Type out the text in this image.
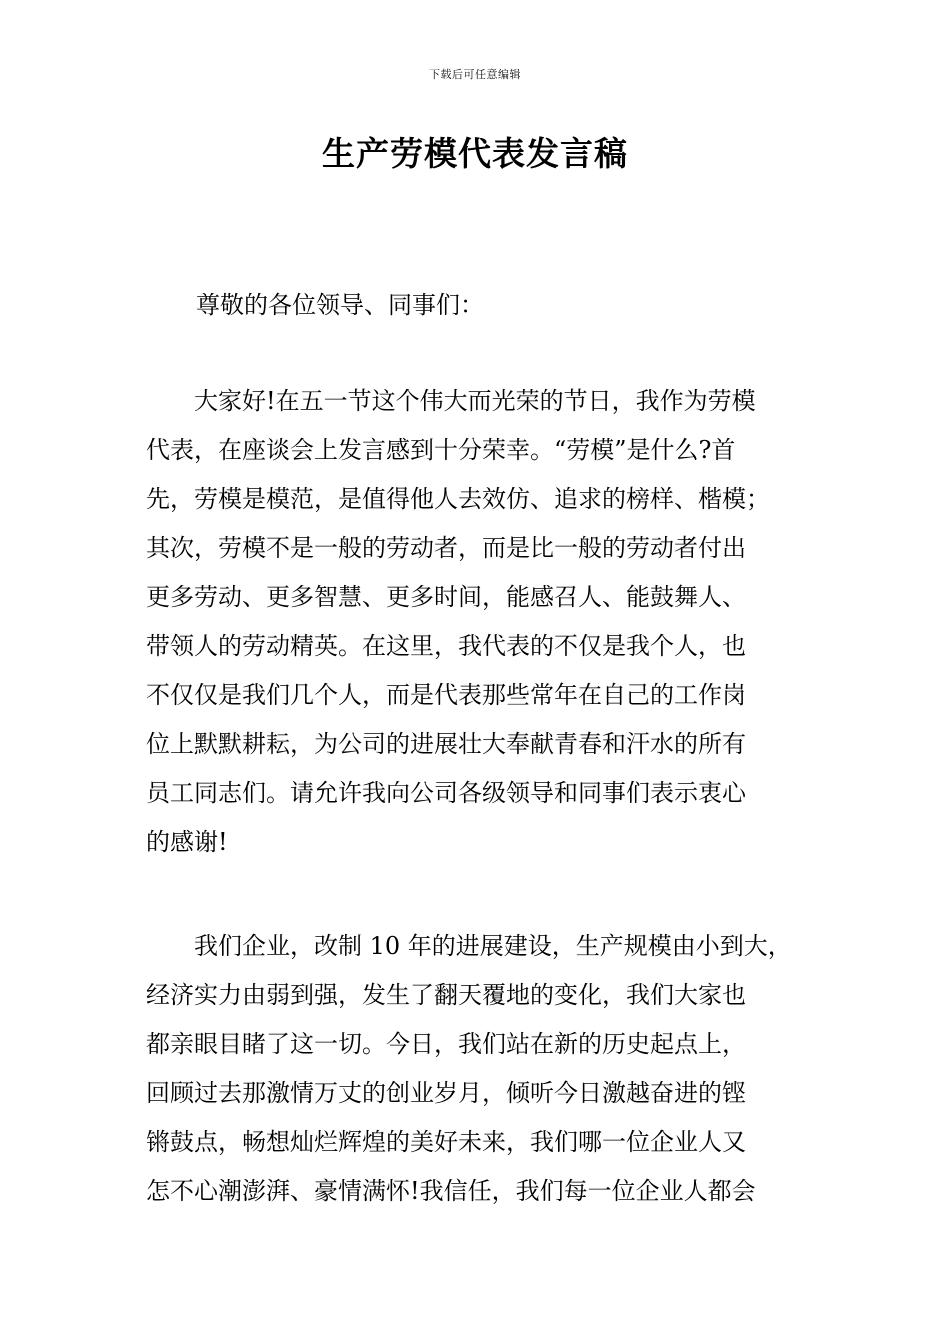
下载后可任意编辑
生产劳模代表发言稿

尊敬的各位领导、同事们：

　　大家好!在五一节这个伟大而光荣的节日，我作为劳模
代表，在座谈会上发言感到十分荣幸。“劳模”是什么?首
先，劳模是模范，是值得他人去效仿、追求的榜样、楷模；
其次，劳模不是一般的劳动者，而是比一般的劳动者付出
更多劳动、更多智慧、更多时间，能感召人、能鼓舞人、
带领人的劳动精英。在这里，我代表的不仅是我个人，也
不仅仅是我们几个人，而是代表那些常年在自己的工作岗
位上默默耕耘，为公司的进展壮大奉献青春和汗水的所有
员工同志们。请允许我向公司各级领导和同事们表示衷心
的感谢!
　　我们企业，改制 10 年的进展建设，生产规模由小到大，
经济实力由弱到强，发生了翻天覆地的变化，我们大家也
都亲眼目睹了这一切。今日，我们站在新的历史起点上，
回顾过去那激情万丈的创业岁月，倾听今日激越奋进的铿
锵鼓点，畅想灿烂辉煌的美好未来，我们哪一位企业人又
怎不心潮澎湃、豪情满怀!我信任，我们每一位企业人都会
